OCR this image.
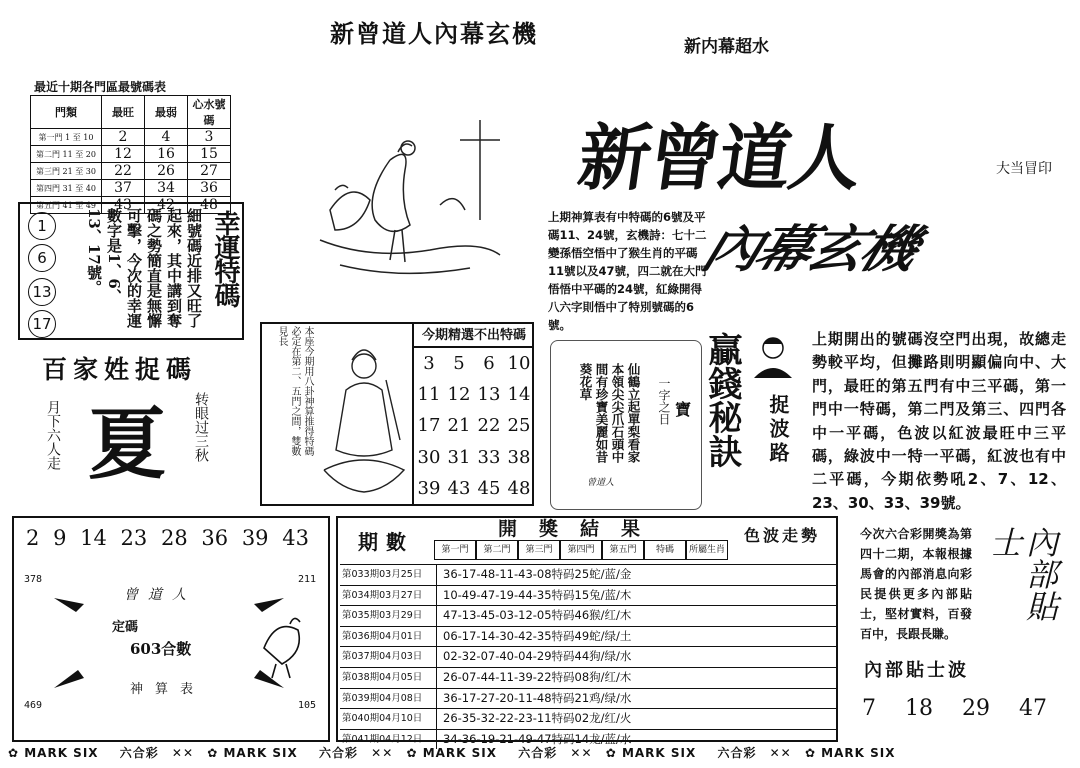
新曾道人內幕玄機	新内幕超水
最近十期各門區最號碼表
門類	最旺	最弱	心水號碼
第一門 1 至 10	2	4	3
第二門 11 至 20	12	16	15
第三門 21 至 30	22	26	27
第四門 31 至 40	37	34	36
第五門 41 至 49	43	42	48
1
6
13
17	細號碼近排又旺了起來，其中講到奪碼之勢簡直是無懈可擊，今次的幸運數字是1、6、13、17號。	幸運特碼
百家姓捉碼
夏
月下六人走	转眼过三秋
新曾道人
內幕玄機
大当冒印
上期神算表有中特碼的6號及平碼11、24號，玄機詩：七十二變孫悟空悟中了猴生肖的平碼11號以及47號，四二就在大門悟悟中平碼的24號，紅綠開得八六字則悟中了特別號碼的6號。
本座今期用八卦神算推得特碼必定在第二、五門之間，雙數見長	今期精選不出特碼
3 5 6 10
11 12 13 14
17 21 22 25
30 31 33 38
39 43 45 48
仙鶴立起單梨看家本領尖尖爪石頭中間有珍寶美麗如昔葵花草	一字之日 寶
曾道人
贏錢秘訣 捉波路
上期開出的號碼沒空門出現，故總走勢較平均，但攤路則明顯偏向中、大門，最旺的第五門有中三平碼，第一門中一特碼，第二門及第三、四門各中一平碼，色波以紅波最旺中三平碼，綠波中一特一平碼，紅波也有中二平碼，今期依勢吼2、7、12、23、30、33、39號。
2 9 14 23 28 36 39 43
378	211
469	105
曾道人
定碼
603合數
神算表
期數
開獎結果	色波走勢
第一門	第二門	第三門	第四門	第五門	特碼	所屬生肖
第033期03月25日	36-17-48-11-43-08特码25蛇/蓝/金
第034期03月27日	10-49-47-19-44-35特码15兔/蓝/木
第035期03月29日	47-13-45-03-12-05特码46猴/红/木
第036期04月01日	06-17-14-30-42-35特码49蛇/绿/土
第037期04月03日	02-32-07-40-04-29特码44狗/绿/水
第038期04月05日	26-07-44-11-39-22特码08狗/红/木
第039期04月08日	36-17-27-20-11-48特码21鸡/绿/水
第040期04月10日	26-35-32-22-23-11特码02龙/红/火
第041期04月12日	34-36-19-21-49-47特码14龙/蓝/水
今次六合彩開獎為第四十二期，本報根據馬會的內部消息向彩民提供更多內部貼士，堅材實料，百發百中，長跟長賺。
內部貼士
內部貼士波
7 18 29 47
✿ MARK SIX 六合彩 ✕✕ ✿ MARK SIX 六合彩 ✕✕ ✿ MARK SIX 六合彩 ✕✕ ✿ MARK SIX 六合彩 ✕✕ ✿ MARK SIX
